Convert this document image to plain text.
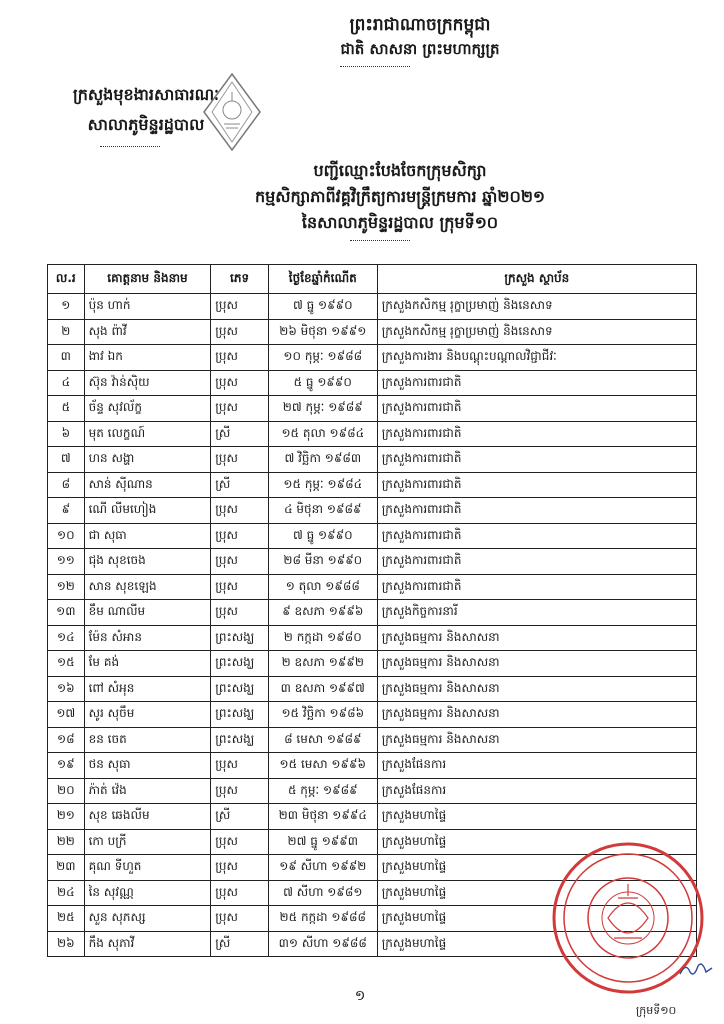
ព្រះរាជាណាចក្រកម្ពុជា
ជាតិ សាសនា ព្រះមហាក្សត្រ
ក្រសួងមុខងារសាធារណៈ
សាលាភូមិន្ទរដ្ឋបាល
បញ្ជីឈ្មោះបែងចែកក្រុមសិក្សា
កម្មសិក្សាភាពីវគ្គវិក្រឹត្យការមន្ត្រីក្រមការ ឆ្នាំ២០២១
នៃសាលាភូមិន្ទរដ្ឋបាល ក្រុមទី១០
ល.រ	គោត្តនាម និងនាម	ភេទ	ថ្ងៃខែឆ្នាំកំណើត	ក្រសួង ស្ថាប័ន
១	ប៉ុន ហាក់	ប្រុស	៧ ធ្នូ ១៩៩០	ក្រសួងកសិកម្ម រុក្ខាប្រមាញ់ និងនេសាទ
២	សុង ព៉ាវី	ប្រុស	២៦ មិថុនា ១៩៩១	ក្រសួងកសិកម្ម រុក្ខាប្រមាញ់ និងនេសាទ
៣	ងាវ ឯក	ប្រុស	១០ កុម្ភៈ ១៩៨៨	ក្រសួងការងារ និងបណ្តុះបណ្តាលវិជ្ជាជីវៈ
៤	ស៊ុន វ៉ាន់ស៊ិយ	ប្រុស	៥ ធ្នូ ១៩៩០	ក្រសួងការពារជាតិ
៥	ច័ន្ទ សុវល័ក្ខ	ប្រុស	២៧ កុម្ភៈ ១៩៨៩	ក្រសួងការពារជាតិ
៦	មុត លេក្ខណ៍	ស្រី	១៥ តុលា ១៩៨៤	ក្រសួងការពារជាតិ
៧	ហន សង្ហា	ប្រុស	៧ វិច្ឆិកា ១៩៨៣	ក្រសួងការពារជាតិ
៨	សាន់ ស៊ីណាន	ស្រី	១៥ កុម្ភៈ ១៩៨៤	ក្រសួងការពារជាតិ
៩	ណើ លីមហៀង	ប្រុស	៤ មិថុនា ១៩៨៩	ក្រសួងការពារជាតិ
១០	ជា សុធា	ប្រុស	៧ ធ្នូ ១៩៩០	ក្រសួងការពារជាតិ
១១	ជុង សុខចេង	ប្រុស	២៨ មីនា ១៩៩០	ក្រសួងការពារជាតិ
១២	សាន សុខឡេង	ប្រុស	១ តុលា ១៩៨៨	ក្រសួងការពារជាតិ
១៣	ខឹម ណាលីម	ប្រុស	៩ ឧសភា ១៩៩៦	ក្រសួងកិច្ចការនារី
១៤	ម៉ែន សំអាន	ព្រះសង្ឃ	២ កក្កដា ១៩៨០	ក្រសួងធម្មការ និងសាសនា
១៥	មែ គង់	ព្រះសង្ឃ	២ ឧសភា ១៩៩២	ក្រសួងធម្មការ និងសាសនា
១៦	ពៅ សំអុន	ព្រះសង្ឃ	៣ ឧសភា ១៩៩៧	ក្រសួងធម្មការ និងសាសនា
១៧	សូរ សុចឹម	ព្រះសង្ឃ	១៥ វិច្ឆិកា ១៩៨៦	ក្រសួងធម្មការ និងសាសនា
១៨	ខន ចេត	ព្រះសង្ឃ	៨ មេសា ១៩៨៩	ក្រសួងធម្មការ និងសាសនា
១៩	ថន សុធា	ប្រុស	១៥ មេសា ១៩៩៦	ក្រសួងផែនការ
២០	ភ៉ាត់ វ៉េង	ប្រុស	៥ កុម្ភៈ ១៩៨៩	ក្រសួងផែនការ
២១	សុខ ឆេងលីម	ស្រី	២៣ មិថុនា ១៩៩៤	ក្រសួងមហាផ្ទៃ
២២	កោ បក្រី	ប្រុស	២៧ ធ្នូ ១៩៩៣	ក្រសួងមហាផ្ទៃ
២៣	គុណ ទីហួត	ប្រុស	១៩ សីហា ១៩៩២	ក្រសួងមហាផ្ទៃ
២៤	នៃ សុវណ្ណ	ប្រុស	៧ សីហា ១៩៨១	ក្រសួងមហាផ្ទៃ
២៥	សួន សុភស្ស	ប្រុស	២៥ កក្កដា ១៩៨៨	ក្រសួងមហាផ្ទៃ
២៦	កឹង សុភាវី	ស្រី	៣១ សីហា ១៩៨៨	ក្រសួងមហាផ្ទៃ
១
ក្រុមទី១០
